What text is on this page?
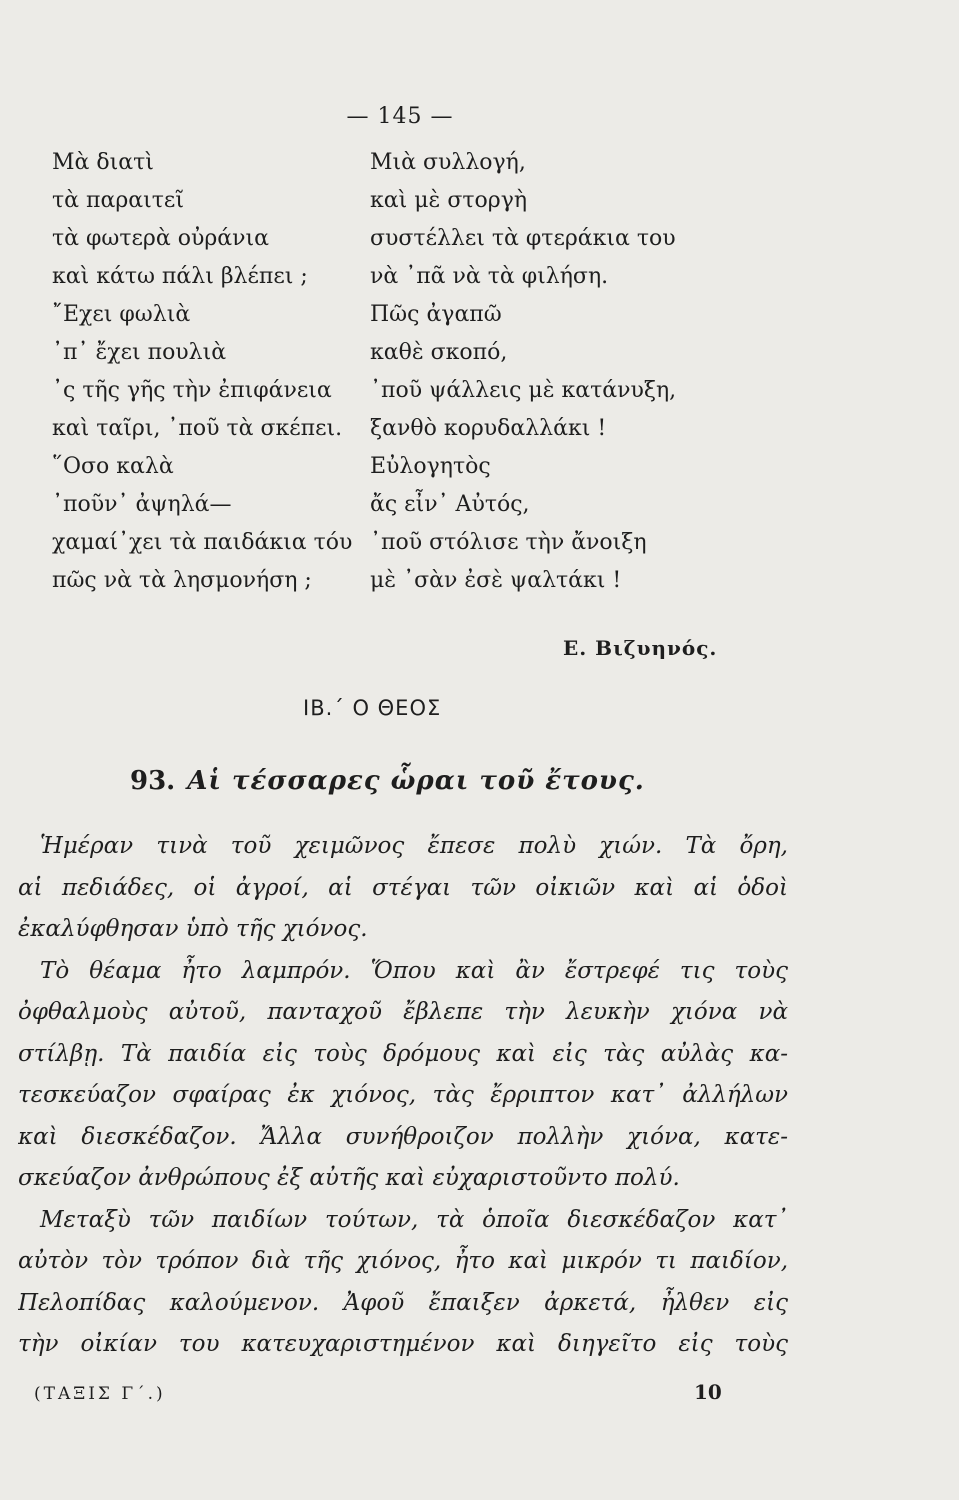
— 145 —
Μὰ διατὶ
τὰ παραιτεῖ
τὰ φωτερὰ οὐράνια
καὶ κάτω πάλι βλέπει ;
῎Εχει φωλιὰ
᾽π᾽ ἔχει πουλιὰ
᾽ς τῆς γῆς τὴν ἐπιφάνεια
καὶ ταῖρι, ᾽ποῦ τὰ σκέπει.
῞Οσο καλὰ
᾽ποῦν᾽ ἀψηλά—
χαμαί᾽χει τὰ παιδάκια τόυ
πῶς νὰ τὰ λησμονήση ;
Μιὰ συλλογή,
καὶ μὲ στοργὴ
συστέλλει τὰ φτεράκια του
νὰ ᾽πᾶ νὰ τὰ φιλήση.
Πῶς ἀγαπῶ
καθὲ σκοπό,
᾽ποῦ ψάλλεις μὲ κατάνυξη,
ξανθὸ κορυδαλλάκι !
Εὐλογητὸς
ἄς εἶν᾽ Αὐτός,
᾽ποῦ στόλισε τὴν ἄνοιξη
μὲ ᾽σὰν ἐσὲ ψαλτάκι !
Ε. Βιζυηνός.
ΙΒ.΄ Ο ΘΕΟΣ
93. Αἱ τέσσαρες ὧραι τοῦ ἔτους.
Ἡμέραν τινὰ τοῦ χειμῶνος ἔπεσε πολὺ χιών. Τὰ ὄρη,
αἱ πεδιάδες, οἱ ἀγροί, αἱ στέγαι τῶν οἰκιῶν καὶ αἱ ὁδοὶ
ἐκαλύφθησαν ὑπὸ τῆς χιόνος.
Τὸ θέαμα ἦτο λαμπρόν. Ὅπου καὶ ἂν ἔστρεφέ τις τοὺς
ὀφθαλμοὺς αὐτοῦ, πανταχοῦ ἔβλεπε τὴν λευκὴν χιόνα νὰ
στίλβῃ. Τὰ παιδία εἰς τοὺς δρόμους καὶ εἰς τὰς αὐλὰς κα-
τεσκεύαζον σφαίρας ἐκ χιόνος, τὰς ἔρριπτον κατ᾽ ἀλλήλων
καὶ διεσκέδαζον. Ἄλλα συνήθροιζον πολλὴν χιόνα, κατε-
σκεύαζον ἀνθρώπους ἐξ αὐτῆς καὶ εὐχαριστοῦντο πολύ.
Μεταξὺ τῶν παιδίων τούτων, τὰ ὁποῖα διεσκέδαζον κατ᾽
αὐτὸν τὸν τρόπον διὰ τῆς χιόνος, ἦτο καὶ μικρόν τι παιδίον,
Πελοπίδας καλούμενον. Ἀφοῦ ἔπαιξεν ἀρκετά, ἦλθεν εἰς
τὴν οἰκίαν του κατευχαριστημένον καὶ διηγεῖτο εἰς τοὺς
(ΤΑΞΙΣ Γ΄.)	10
